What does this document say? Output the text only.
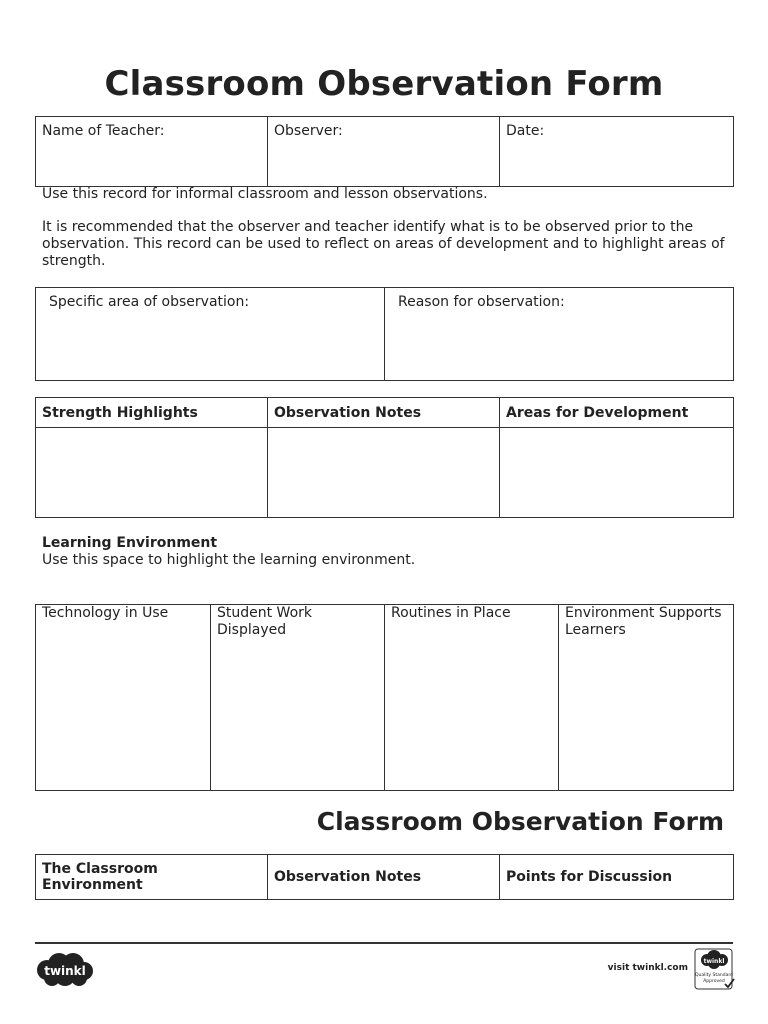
Classroom Observation Form
Name of Teacher:	Observer:	Date:
Use this record for informal classroom and lesson observations.
It is recommended that the observer and teacher identify what is to be observed prior to the observation. This record can be used to reflect on areas of development and to highlight areas of strength.
Specific area of observation:	Reason for observation:
Strength Highlights	Observation Notes	Areas for Development

Learning Environment
Use this space to highlight the learning environment.
Technology in Use	Student Work Displayed	Routines in Place	Environment Supports Learners
Classroom Observation Form
The Classroom Environment	Observation Notes	Points for Discussion
twinkl	visit twinkl.com
twinkl
Quality Standard
Approved
